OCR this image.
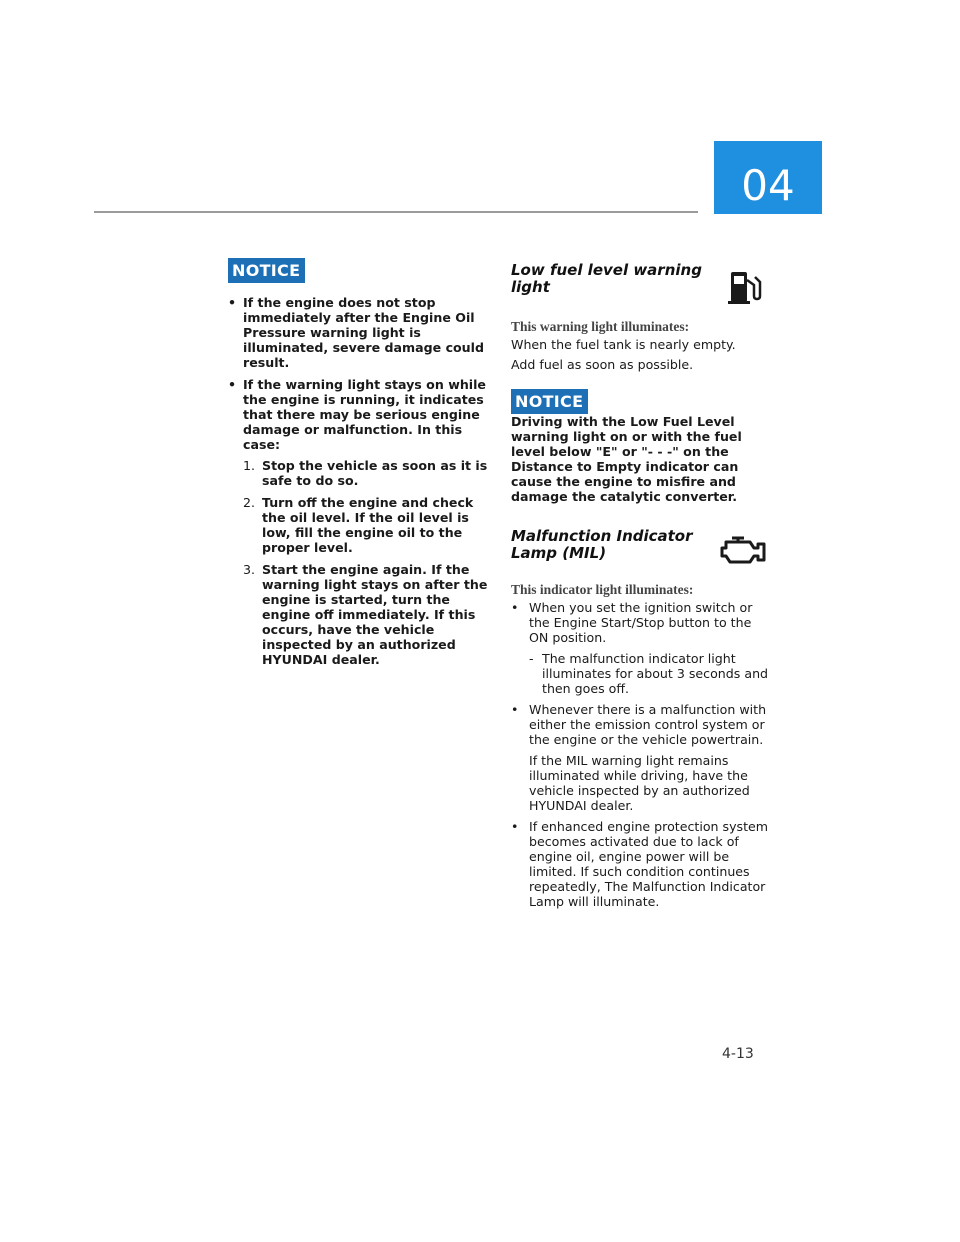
04
NOTICE
• If the engine does not stop immediately after the Engine Oil Pressure warning light is illuminated, severe damage could result.
• If the warning light stays on while the engine is running, it indicates that there may be serious engine damage or malfunction. In this case:
1. Stop the vehicle as soon as it is safe to do so.
2. Turn off the engine and check the oil level. If the oil level is low, fill the engine oil to the proper level.
3. Start the engine again. If the warning light stays on after the engine is started, turn the engine off immediately. If this occurs, have the vehicle inspected by an authorized HYUNDAI dealer.
Low fuel level warning light
This warning light illuminates:

When the fuel tank is nearly empty.

Add fuel as soon as possible.

NOTICE

Driving with the Low Fuel Level warning light on or with the fuel level below "E" or "- - -" on the Distance to Empty indicator can cause the engine to misfire and damage the catalytic converter.

Malfunction Indicator Lamp (MIL)
This indicator light illuminates:
• When you set the ignition switch or the Engine Start/Stop button to the ON position.
- The malfunction indicator light illuminates for about 3 seconds and then goes off.
• Whenever there is a malfunction with either the emission control system or the engine or the vehicle powertrain.

If the MIL warning light remains illuminated while driving, have the vehicle inspected by an authorized HYUNDAI dealer.

• If enhanced engine protection system becomes activated due to lack of engine oil, engine power will be limited. If such condition continues repeatedly, The Malfunction Indicator Lamp will illuminate.
4-13
